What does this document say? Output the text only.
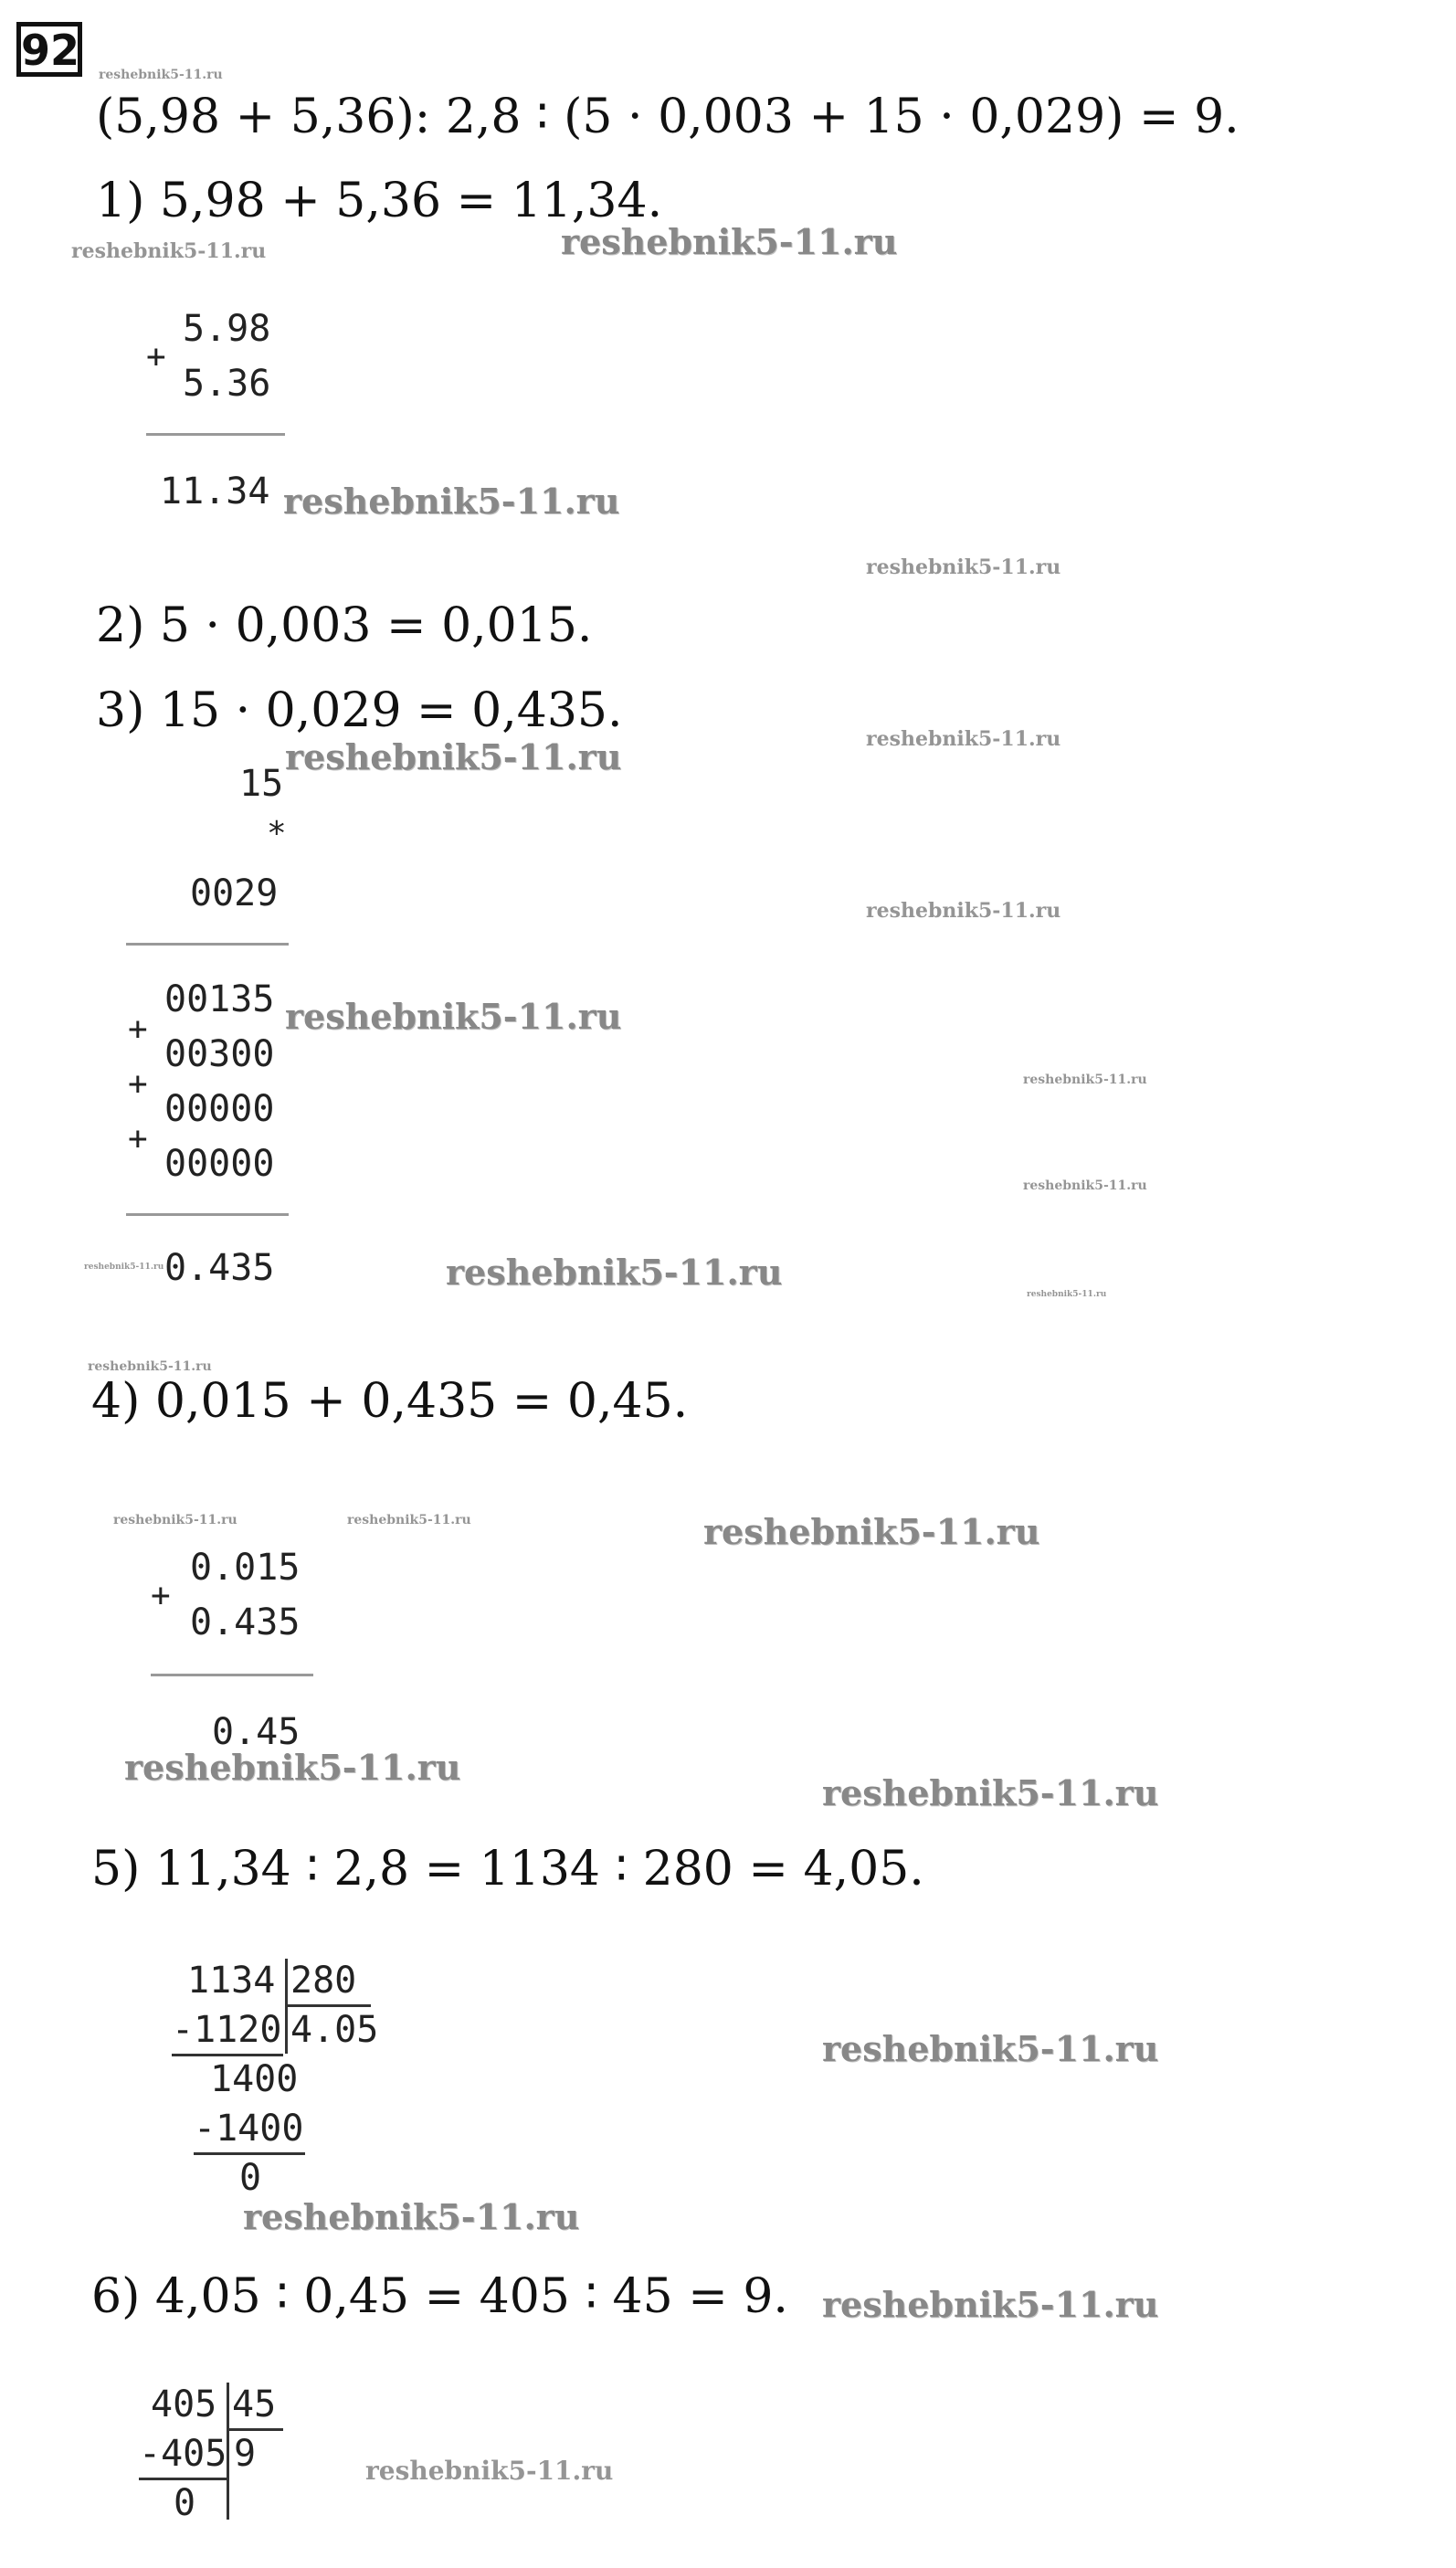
92
(5,98 + 5,36): 2,8 ∶ (5 · 0,003 + 15 · 0,029) = 9.
1) 5,98 + 5,36 = 11,34.
5.98
+
5.36
11.34
2) 5 · 0,003 = 0,015.
3) 15 · 0,029 = 0,435.
15
*
0029
00135
+
00300
+
00000
+
00000
0.435
4) 0,015 + 0,435 = 0,45.
0.015
+
0.435
0.45
5) 11,34 ∶ 2,8 = 1134 ∶ 280 = 4,05.
1134 280
-1120 4.05
1400
-1400
0
6) 4,05 ∶ 0,45 = 405 ∶ 45 = 9.
405 45
-405 9
0
reshebnik5-11.ru
reshebnik5-11.ru	reshebnik5-11.ru
reshebnik5-11.ru
reshebnik5-11.ru
reshebnik5-11.ru	reshebnik5-11.ru
reshebnik5-11.ru
reshebnik5-11.ru
reshebnik5-11.ru
reshebnik5-11.ru
reshebnik5-11.ru	reshebnik5-11.ru
reshebnik5-11.ru
reshebnik5-11.ru
reshebnik5-11.ru	reshebnik5-11.ru	reshebnik5-11.ru
reshebnik5-11.ru
reshebnik5-11.ru
reshebnik5-11.ru
reshebnik5-11.ru
reshebnik5-11.ru
reshebnik5-11.ru
